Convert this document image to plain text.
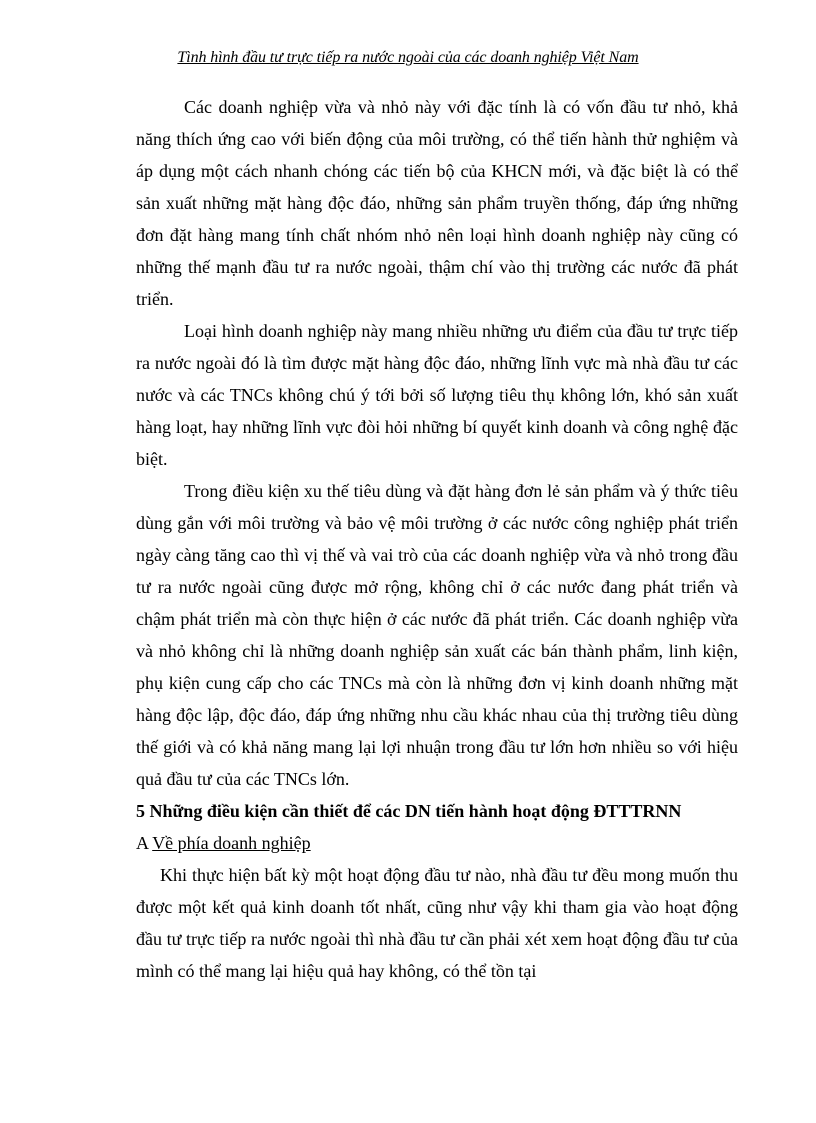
Tình hình đầu tư trực tiếp ra nước ngoài của các doanh nghiệp Việt Nam

Các doanh nghiệp vừa và nhỏ này với đặc tính là có vốn đầu tư nhỏ, khả năng thích ứng cao với biến động của môi trường, có thể tiến hành thử nghiệm và áp dụng một cách nhanh chóng các tiến bộ của KHCN mới, và đặc biệt là có thể sản xuất những mặt hàng độc đáo, những sản phẩm truyền thống, đáp ứng những đơn đặt hàng mang tính chất nhóm nhỏ nên loại hình doanh nghiệp này cũng có những thế mạnh đầu tư ra nước ngoài, thậm chí vào thị trường các nước đã phát triển.

Loại hình doanh nghiệp này mang nhiều những ưu điểm của đầu tư trực tiếp ra nước ngoài đó là tìm được mặt hàng độc đáo, những lĩnh vực mà nhà đầu tư các nước và các TNCs không chú ý tới bởi số lượng tiêu thụ không lớn, khó sản xuất hàng loạt, hay những lĩnh vực đòi hỏi những bí quyết kinh doanh và công nghệ đặc biệt.

Trong điều kiện xu thế tiêu dùng và đặt hàng đơn lẻ sản phẩm và ý thức tiêu dùng gắn với môi trường và bảo vệ môi trường ở các nước công nghiệp phát triển ngày càng tăng cao thì vị thế và vai trò của các doanh nghiệp vừa và nhỏ trong đầu tư ra nước ngoài cũng được mở rộng, không chỉ ở các nước đang phát triển và chậm phát triển mà còn thực hiện ở các nước đã phát triển. Các doanh nghiệp vừa và nhỏ không chỉ là những doanh nghiệp sản xuất các bán thành phẩm, linh kiện, phụ kiện cung cấp cho các TNCs mà còn là những đơn vị kinh doanh những mặt hàng độc lập, độc đáo, đáp ứng những nhu cầu khác nhau của thị trường tiêu dùng thế giới và có khả năng mang lại lợi nhuận trong đầu tư lớn hơn nhiều so với hiệu quả đầu tư của các TNCs lớn.

5 Những điều kiện cần thiết để các DN tiến hành hoạt động ĐTTTRNN

A Về phía doanh nghiệp

Khi thực hiện bất kỳ một hoạt động đầu tư nào, nhà đầu tư đều mong muốn thu được một kết quả kinh doanh tốt nhất, cũng như vậy khi tham gia vào hoạt động đầu tư trực tiếp ra nước ngoài thì nhà đầu tư cần phải xét xem hoạt động đầu tư của mình có thể mang lại hiệu quả hay không, có thể tồn tại
